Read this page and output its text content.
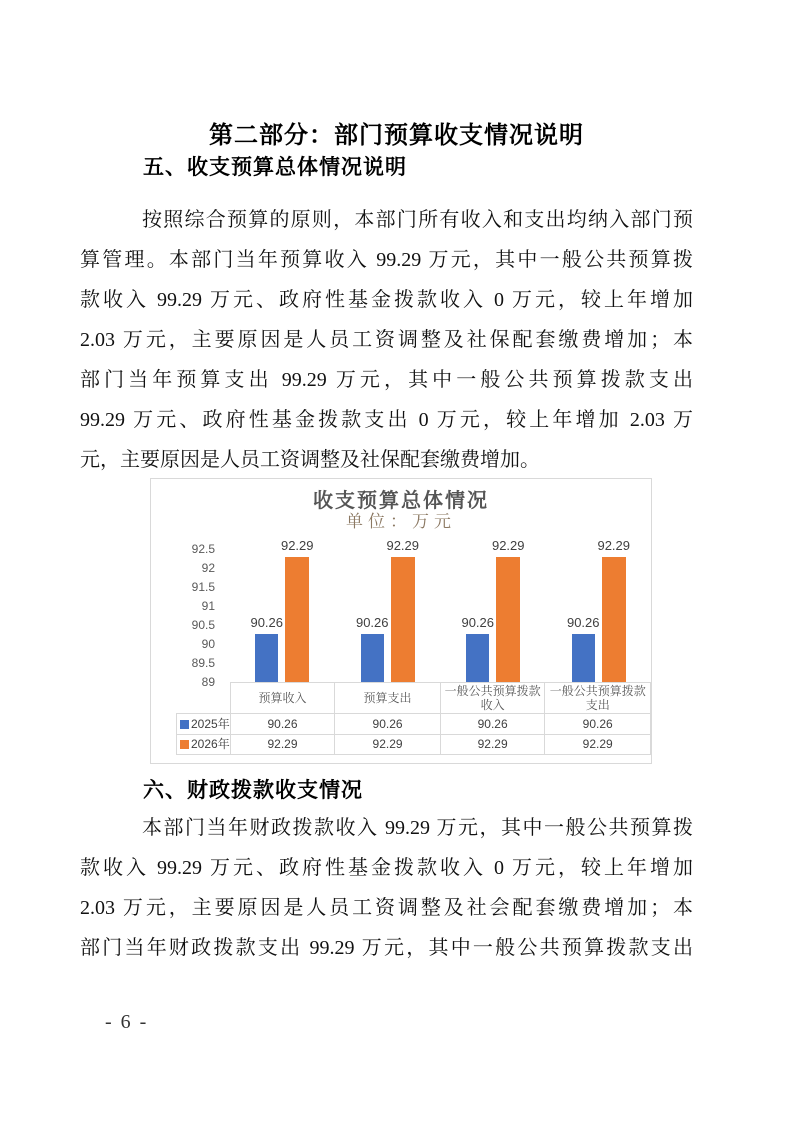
第二部分：部门预算收支情况说明
五、收支预算总体情况说明
按照综合预算的原则，本部门所有收入和支出均纳入部门预
算管理。本部门当年预算收入 99.29 万元，其中一般公共预算拨
款收入 99.29 万元、政府性基金拨款收入 0 万元，较上年增加
2.03 万元，主要原因是人员工资调整及社保配套缴费增加；本
部门当年预算支出 99.29 万元，其中一般公共预算拨款支出
99.29 万元、政府性基金拨款支出 0 万元，较上年增加 2.03 万
元，主要原因是人员工资调整及社保配套缴费增加。
收支预算总体情况
单位：万元
	预算收入	预算支出	一般公共预算拨款收入	一般公共预算拨款支出
2025年	90.26	90.26	90.26	90.26
2026年	92.29	92.29	92.29	92.29
92.5
92
91.5
91
90.5
90
89.5
89
90.26
92.29
90.26
92.29
90.26
92.29
90.26
92.29
六、财政拨款收支情况
本部门当年财政拨款收入 99.29 万元，其中一般公共预算拨
款收入 99.29 万元、政府性基金拨款收入 0 万元，较上年增加
2.03 万元，主要原因是人员工资调整及社会配套缴费增加；本
部门当年财政拨款支出 99.29 万元，其中一般公共预算拨款支出
- 6 -
